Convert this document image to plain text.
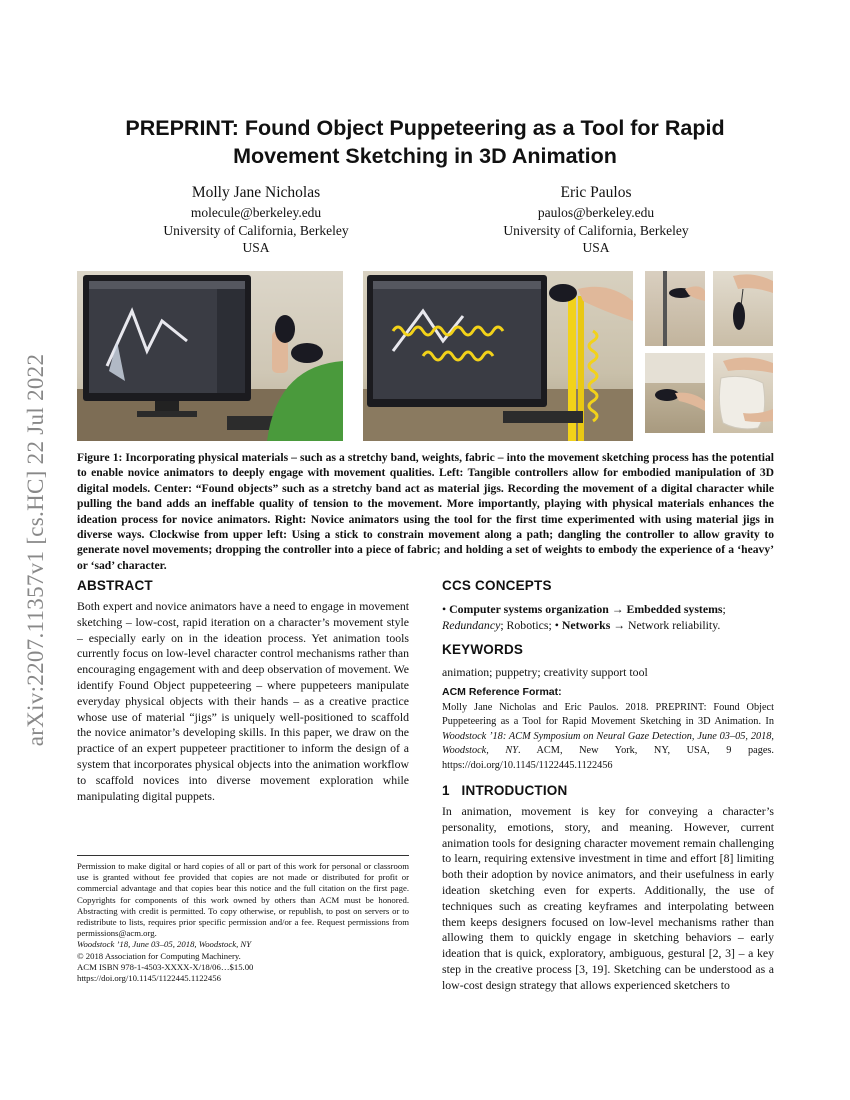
arXiv:2207.11357v1 [cs.HC] 22 Jul 2022
PREPRINT: Found Object Puppeteering as a Tool for Rapid
Movement Sketching in 3D Animation
Molly Jane Nicholas
molecule@berkeley.edu
University of California, Berkeley
USA
Eric Paulos
paulos@berkeley.edu
University of California, Berkeley
USA
Figure 1: Incorporating physical materials – such as a stretchy band, weights, fabric – into the movement sketching process has the potential to enable novice animators to deeply engage with movement qualities. Left: Tangible controllers allow for embodied manipulation of 3D digital models. Center: “Found objects” such as a stretchy band act as material jigs. Recording the movement of a digital character while pulling the band adds an ineffable quality of tension to the movement. More importantly, playing with physical materials enhances the ideation process for novice animators. Right: Novice animators using the tool for the first time experimented with using material jigs in diverse ways. Clockwise from upper left: Using a stick to constrain movement along a path; dangling the controller to allow gravity to generate novel movements; dropping the controller into a piece of fabric; and holding a set of weights to embody the experience of a ‘heavy’ or ‘sad’ character.
ABSTRACT

Both expert and novice animators have a need to engage in movement sketching – low-cost, rapid iteration on a character’s movement style – especially early on in the ideation process. Yet animation tools currently focus on low-level character control mechanisms rather than encouraging engagement with and deep observation of movement. We identify Found Object puppeteering – where puppeteers manipulate everyday physical objects with their hands – as a creative practice whose use of material “jigs” is uniquely well-positioned to scaffold the novice animator’s developing skills. In this paper, we draw on the practice of an expert puppeteer practitioner to inform the design of a system that incorporates physical objects into the animation workflow to scaffold novices into diverse movement exploration while manipulating digital puppets.

Permission to make digital or hard copies of all or part of this work for personal or classroom use is granted without fee provided that copies are not made or distributed for profit or commercial advantage and that copies bear this notice and the full citation on the first page. Copyrights for components of this work owned by others than ACM must be honored. Abstracting with credit is permitted. To copy otherwise, or republish, to post on servers or to redistribute to lists, requires prior specific permission and/or a fee. Request permissions from permissions@acm.org.

Woodstock ’18, June 03–05, 2018, Woodstock, NY

© 2018 Association for Computing Machinery.

ACM ISBN 978-1-4503-XXXX-X/18/06…$15.00

https://doi.org/10.1145/1122445.1122456

CCS CONCEPTS

• Computer systems organization → Embedded systems; Redundancy; Robotics; • Networks → Network reliability.

KEYWORDS

animation; puppetry; creativity support tool

ACM Reference Format:

Molly Jane Nicholas and Eric Paulos. 2018. PREPRINT: Found Object Puppeteering as a Tool for Rapid Movement Sketching in 3D Animation. In Woodstock ’18: ACM Symposium on Neural Gaze Detection, June 03–05, 2018, Woodstock, NY. ACM, New York, NY, USA, 9 pages. https://doi.org/10.1145/1122445.1122456

1   INTRODUCTION

In animation, movement is key for conveying a character’s personality, emotions, story, and meaning. However, current animation tools for designing character movement remain challenging to learn, requiring extensive investment in time and effort [8] limiting both their adoption by novice animators, and their usefulness in early ideation sketching even for experts. Additionally, the use of techniques such as creating keyframes and interpolating between them keeps designers focused on low-level mechanisms rather than allowing them to quickly engage in sketching behaviors – early ideation that is quick, exploratory, ambiguous, gestural [2, 3] – a key step in the creative process [3, 19]. Sketching can be understood as a low-cost design strategy that allows experienced sketchers to
